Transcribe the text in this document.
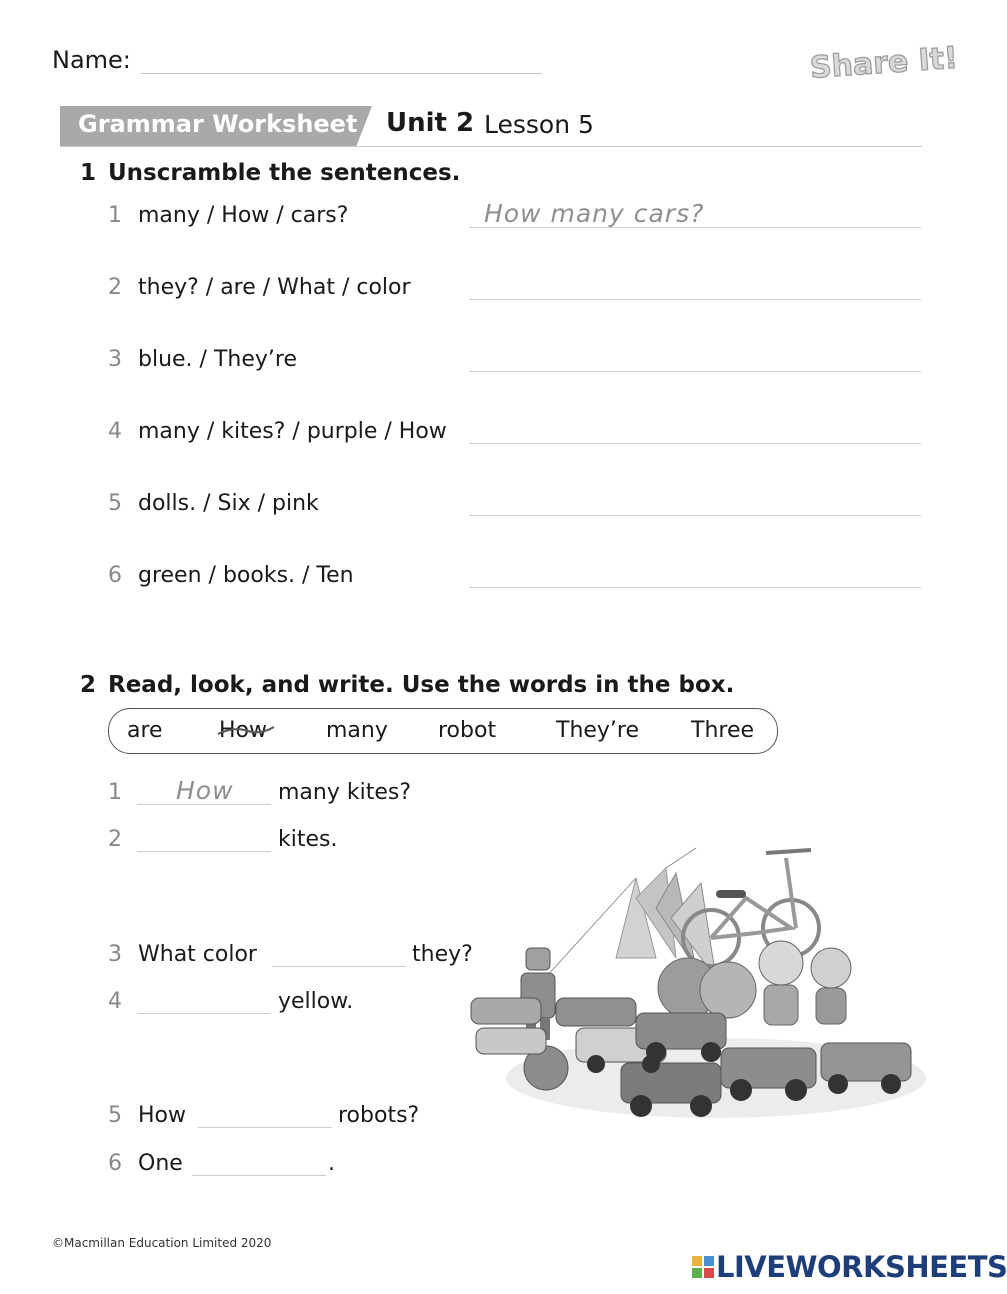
Name:	Share It!
Grammar Worksheet Unit 2 Lesson 5
1 Unscramble the sentences.
1 many / How / cars?	How many cars?
2 they? / are / What / color
3 blue. / They’re
4 many / kites? / purple / How
5 dolls. / Six / pink
6 green / books. / Ten
2 Read, look, and write. Use the words in the box.
are	How	many robot	They’re Three
1 How many kites?
2	kites.
3 What color	they?
4	yellow.
5 How	robots?
6 One	.
©Macmillan Education Limited 2020
LIVEWORKSHEETS
